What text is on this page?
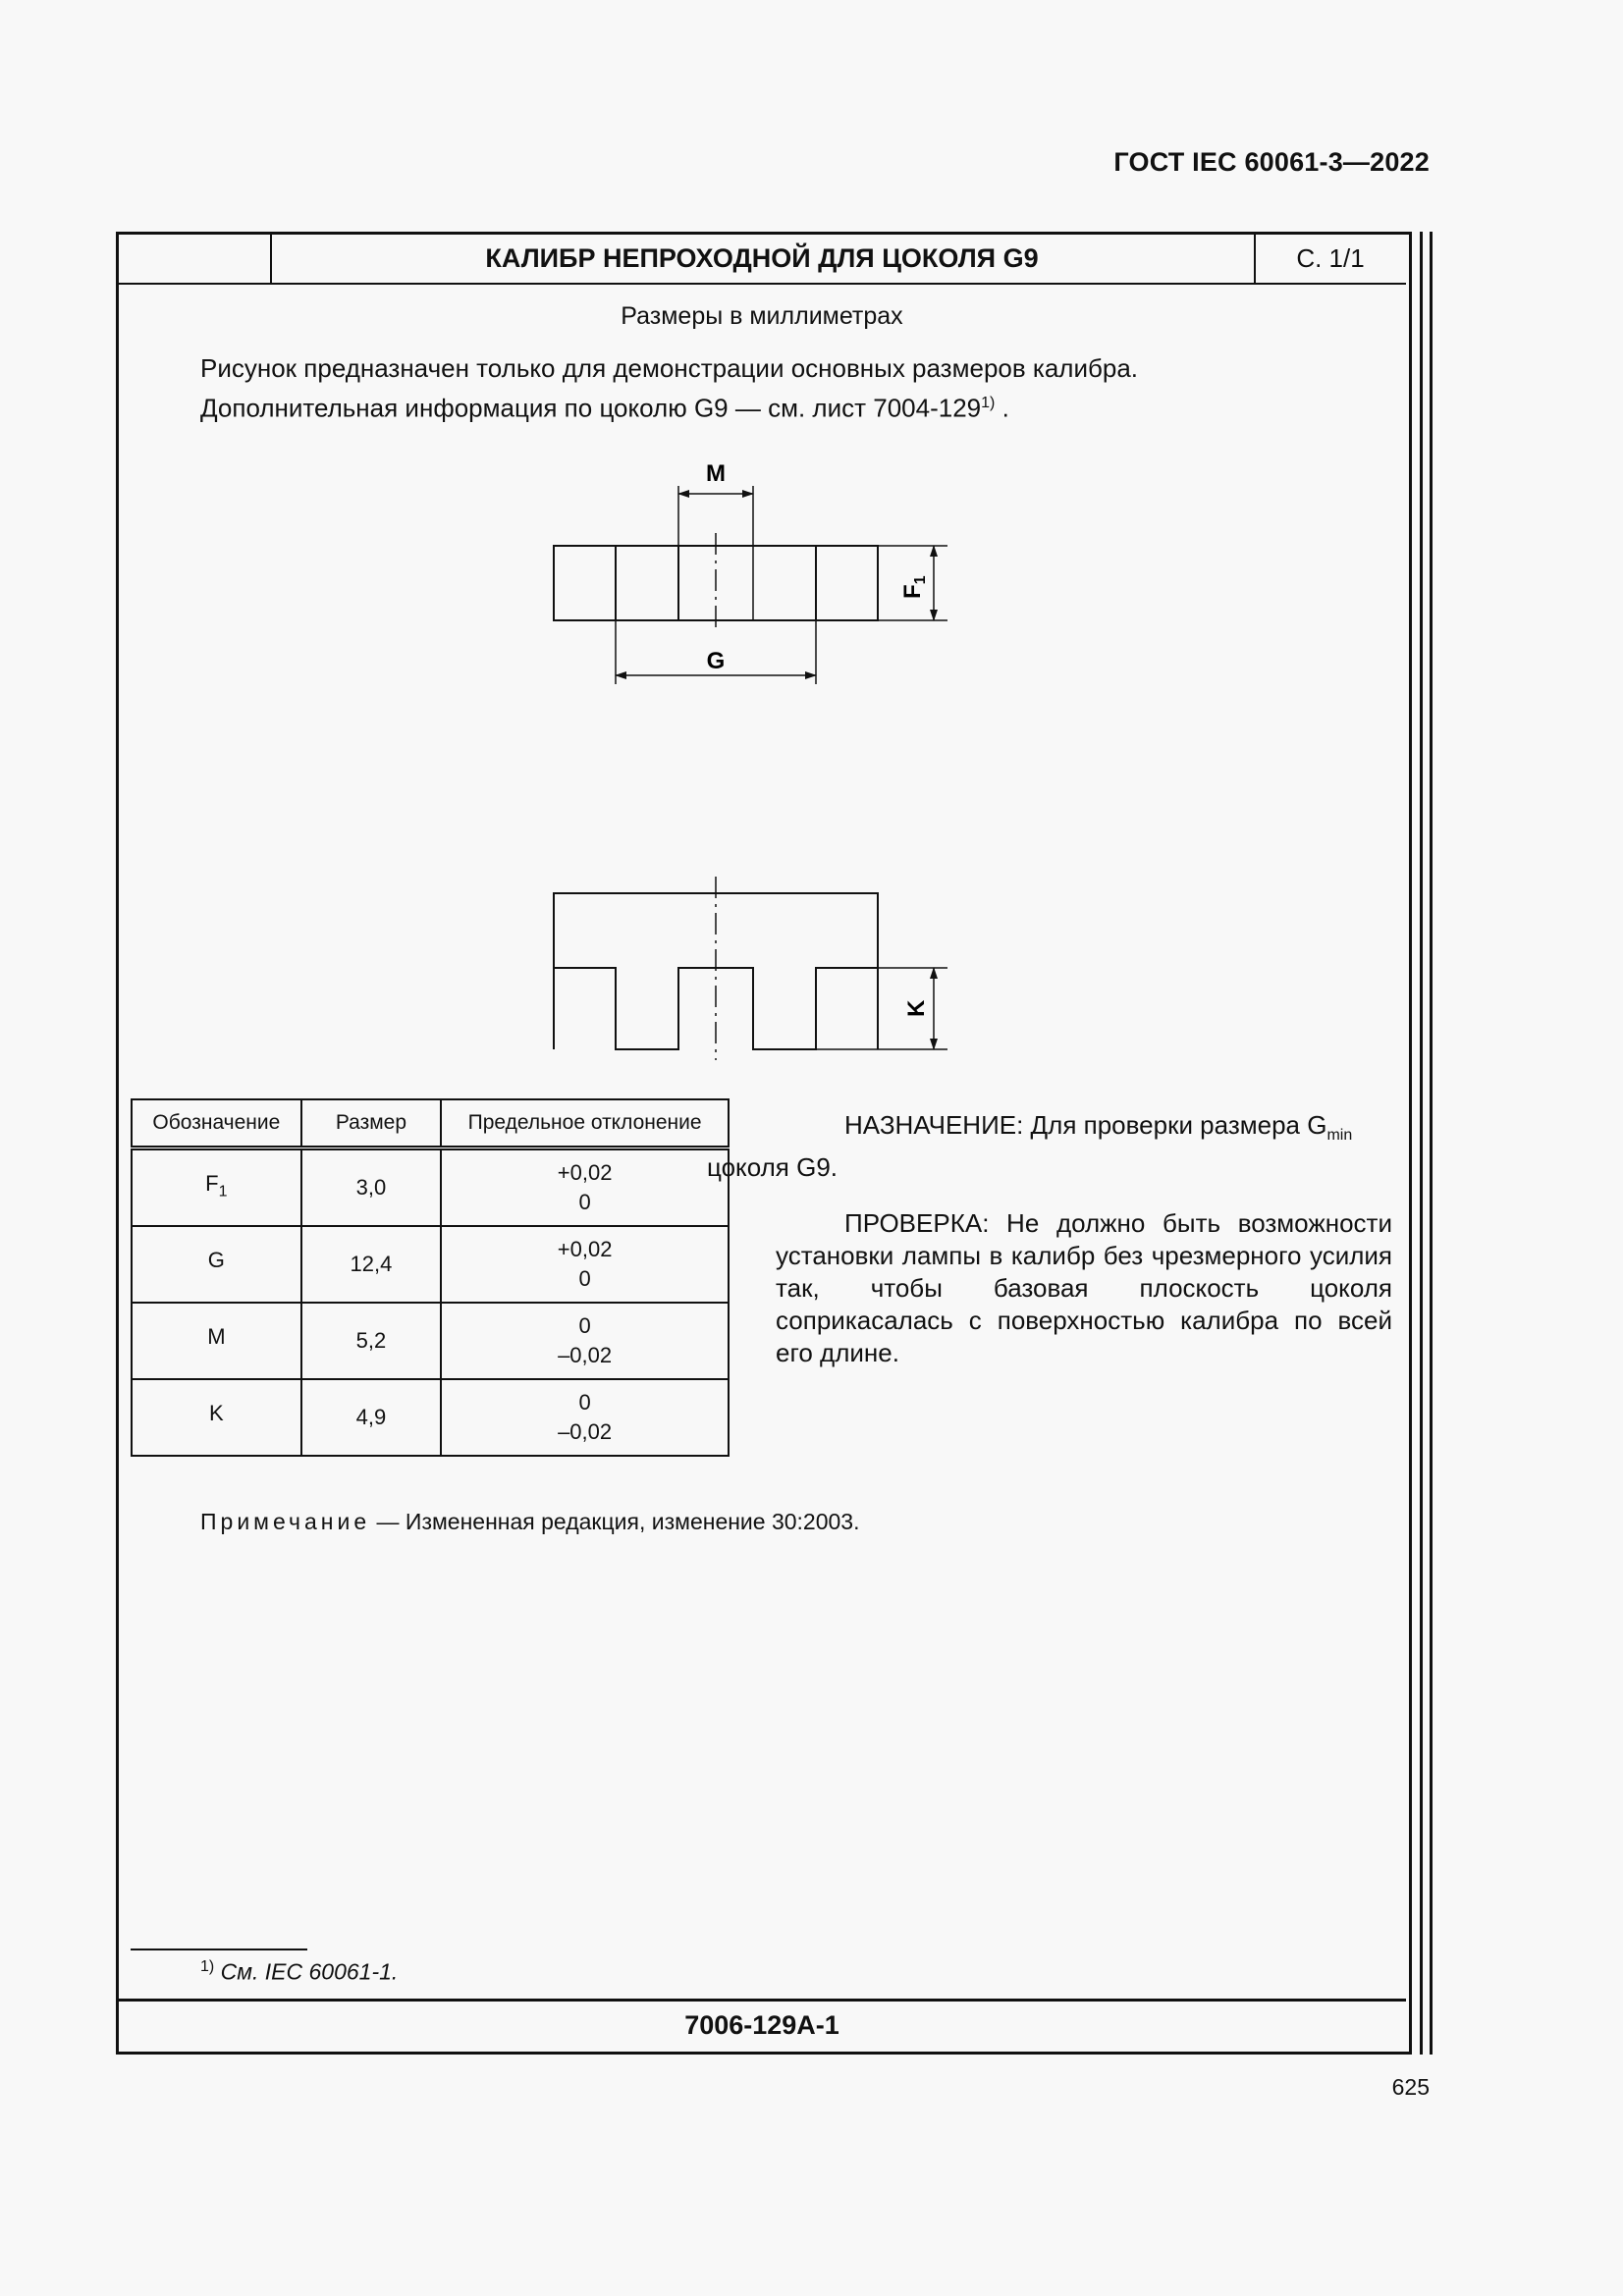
ГОСТ IEC 60061-3—2022
КАЛИБР НЕПРОХОДНОЙ ДЛЯ ЦОКОЛЯ G9	С. 1/1
Размеры в миллиметрах
Рисунок предназначен только для демонстрации основных размеров калибра.
Дополнительная информация по цоколю G9 — см. лист 7004-129$^{1)}$ .
M
G
$F_1$
K
Обозначение	Размер	Предельное отклонение
$F_1$	3,0	+0,02
0

G	12,4	+0,02
0

M	5,2	0
–0,02

K	4,9	0
–0,02
НАЗНАЧЕНИЕ: Для проверки размера $G_{min}$
цоколя G9.
ПРОВЕРКА: Не должно быть возможности установки лампы в калибр без чрезмерного усилия так, чтобы базовая плоскость цоколя соприкасалась с поверхностью калибра по всей его длине.
Примечание — Измененная редакция, изменение 30:2003.
$^{1)}$ См. IEC 60061-1.
7006-129A-1
625
